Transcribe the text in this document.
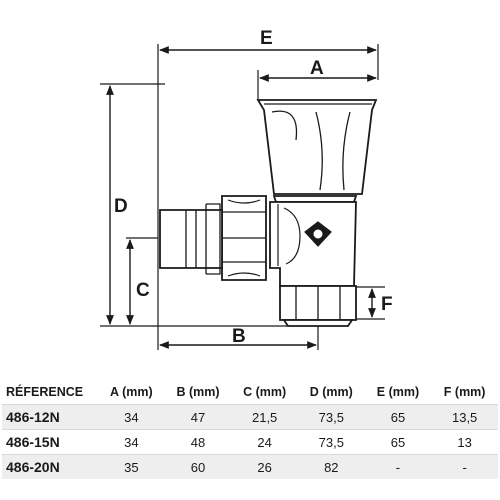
E
A
D
C
B
F
RÉFERENCE	A (mm)	B (mm)	C (mm)	D (mm)	E (mm)	F (mm)
486-12N	34	47	21,5	73,5	65	13,5
486-15N	34	48	24	73,5	65	13
486-20N	35	60	26	82	-	-
